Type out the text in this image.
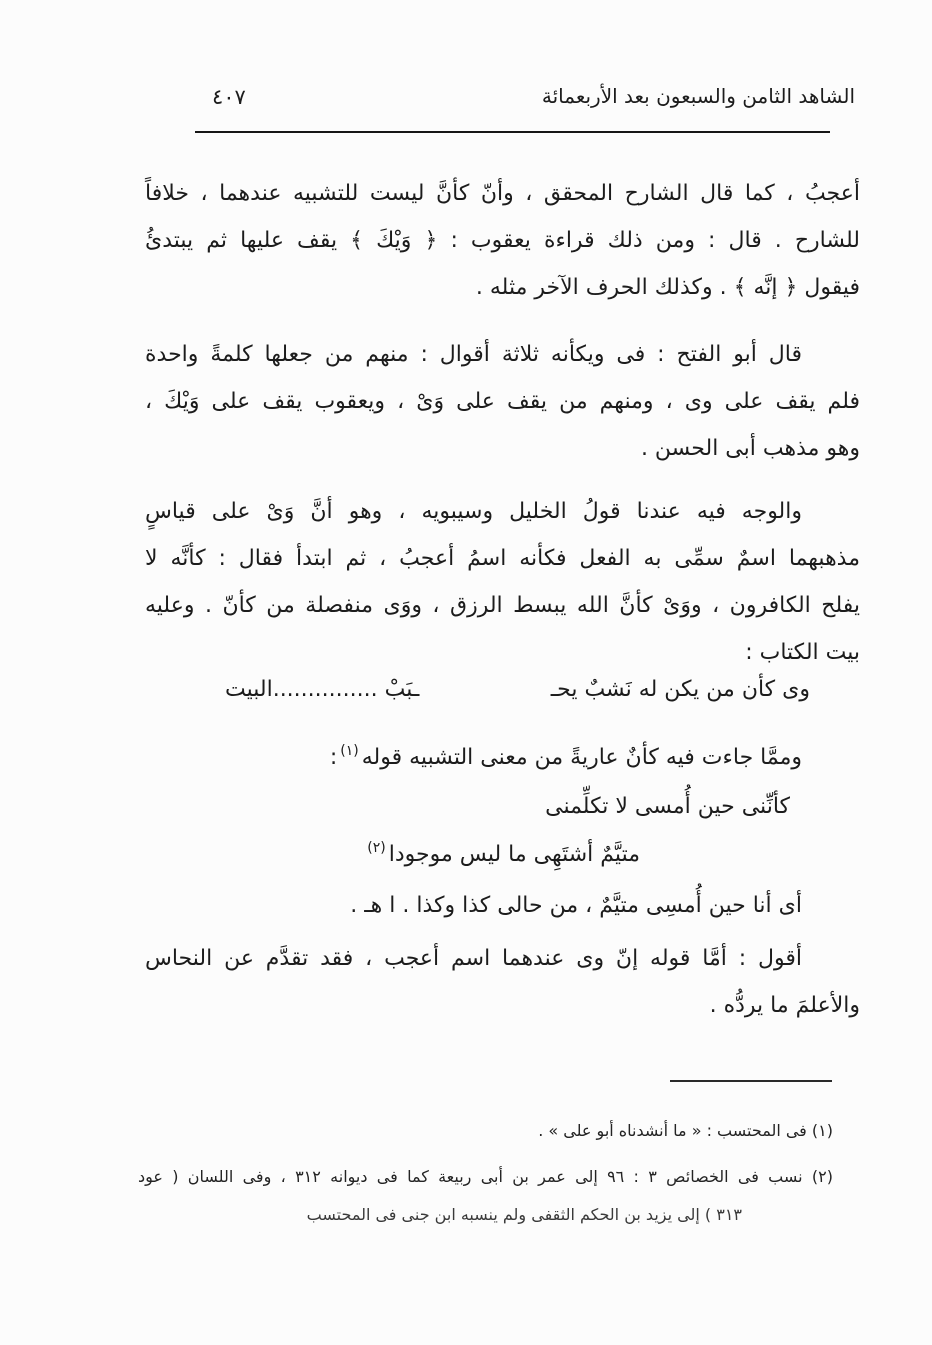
الشاهد الثامن والسبعون بعد الأربعمائة
٤٠٧
أعجبُ ، كما قال الشارح المحقق ، وأنّ كأنَّ ليست للتشبيه عندهما ، خلافاً
للشارح . قال : ومن ذلك قراءة يعقوب : ﴿ وَيْكَ ﴾ يقف عليها ثم يبتدئُ
فيقول ﴿ إنَّه ﴾ . وكذلك الحرف الآخر مثله .
قال أبو الفتح : فى ويكأنه ثلاثة أقوال : منهم من جعلها كلمةً واحدة
فلم يقف على وى ، ومنهم من يقف على وَىْ ، ويعقوب يقف على وَيْكَ ،
وهو مذهب أبى الحسن .
والوجه فيه عندنا قولُ الخليل وسيبويه ، وهو أنَّ وَىْ على قياسٍ
مذهبهما اسمٌ سمِّى به الفعل فكأنه اسمُ أعجبُ ، ثم ابتدأ فقال : كأنَّه لا
يفلح الكافرون ، ووَىْ كأنَّ الله يبسط الرزق ، ووَى منفصلة من كأنّ . وعليه
بيت الكتاب :
وى كأن من يكن له نَشبٌ يحـ
ـبَبْ ...............البيت
وممَّا جاءت فيه كأنٌ عاريةً من معنى التشبيه قوله$^{(١)}$:
كأنِّنى حين أُمسى لا تكلِّمنى
متيَّمٌ أشتَهِى ما ليس موجودا$^{(٢)}$
أى أنا حين أُمسِى متيَّمٌ ، من حالى كذا وكذا . ا هـ .
أقول : أمَّا قوله إنّ وى عندهما اسم أعجب ، فقد تقدَّم عن النحاس
والأعلمَ ما يردُّه .
(١) فى المحتسب : « ما أنشدناه أبو على » .
(٢) نسب فى الخصائص ٣ : ٩٦ إلى عمر بن أبى ربيعة كما فى ديوانه ٣١٢ ، وفى اللسان ( عود
٣١٣ ) إلى يزيد بن الحكم الثقفى ولم ينسبه ابن جنى فى المحتسب
